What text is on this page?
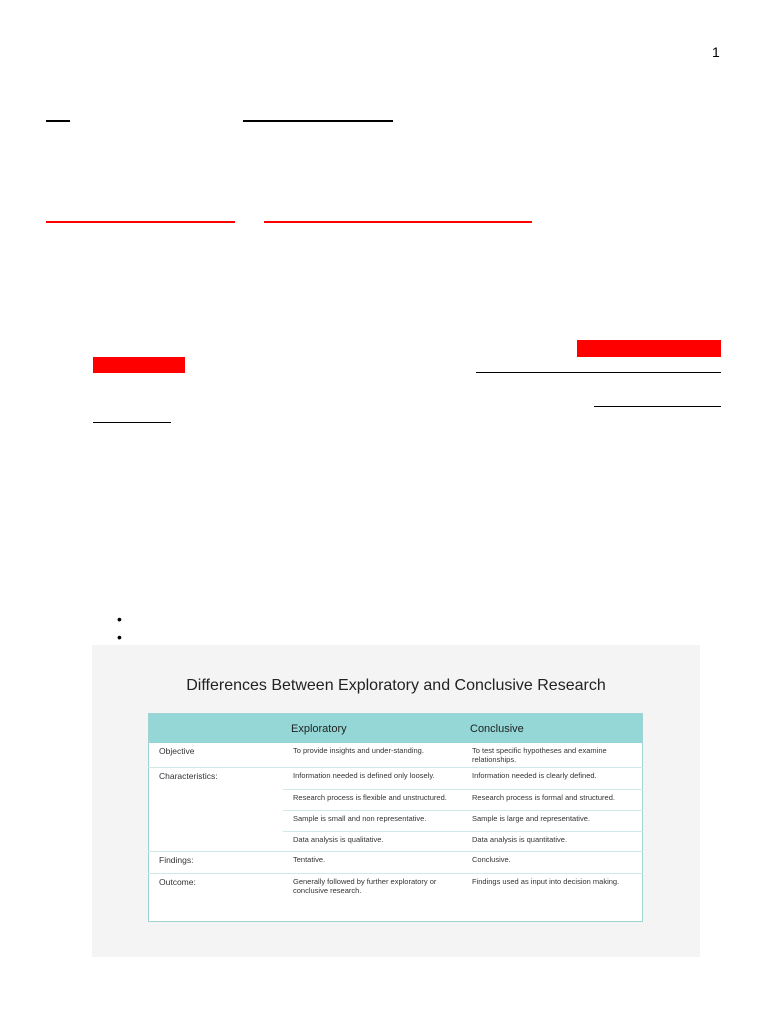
1
•
•
Differences Between Exploratory and Conclusive Research
	Exploratory	Conclusive
Objective	To provide insights and under-standing.	To test specific hypotheses and examine relationships.
Characteristics:	Information needed is defined only loosely.	Information needed is clearly defined.
	Research process is flexible and unstructured.	Research process is formal and structured.
	Sample is small and non representative.	Sample is large and representative.
	Data analysis is qualitative.	Data analysis is quantitative.
Findings:	Tentative.	Conclusive.
Outcome:	Generally followed by further exploratory or conclusive research.	Findings used as input into decision making.
